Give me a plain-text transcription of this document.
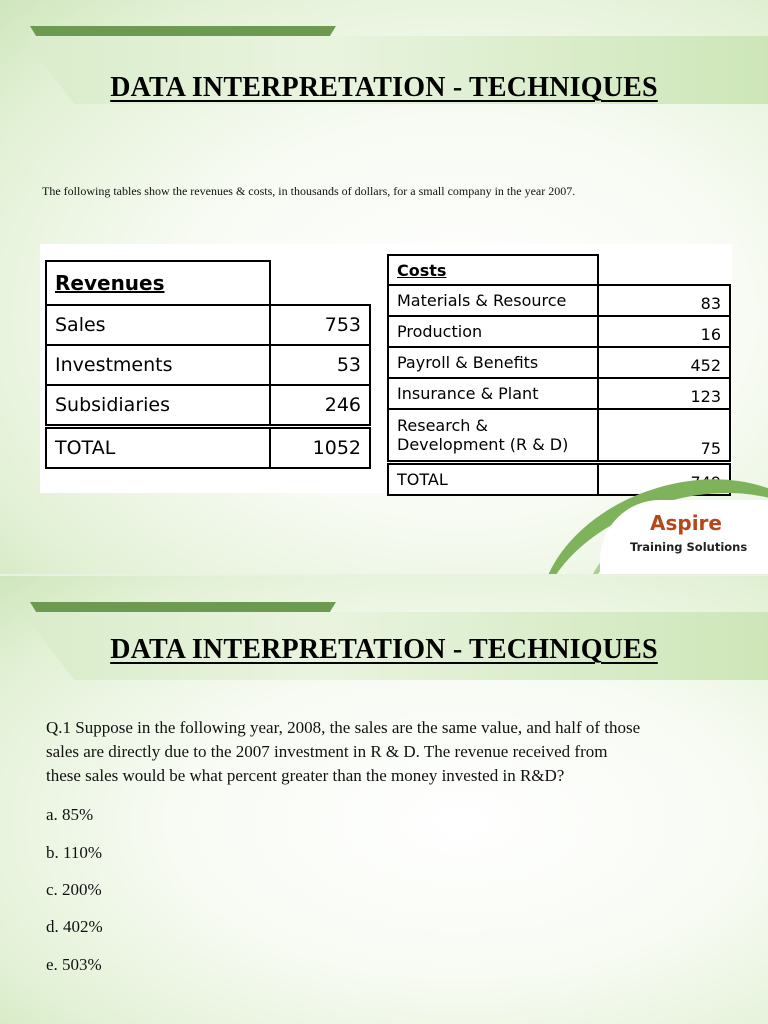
DATA INTERPRETATION - TECHNIQUES
The following tables show the revenues & costs, in thousands of dollars, for a small company in the year 2007.
Revenues	
Sales	753
Investments	53
Subsidiaries	246
TOTAL	1052
Costs	
Materials & Resource	83
Production	16
Payroll & Benefits	452
Insurance & Plant	123

Research &
Development (R & D)	75
TOTAL	749
Aspire
Training Solutions
DATA INTERPRETATION - TECHNIQUES
Q.1 Suppose in the following year, 2008, the sales are the same value, and half of those
sales are directly due to the 2007 investment in R & D. The revenue received from
these sales would be what percent greater than the money invested in R&D?
a. 85%
b. 110%
c. 200%
d. 402%
e. 503%
